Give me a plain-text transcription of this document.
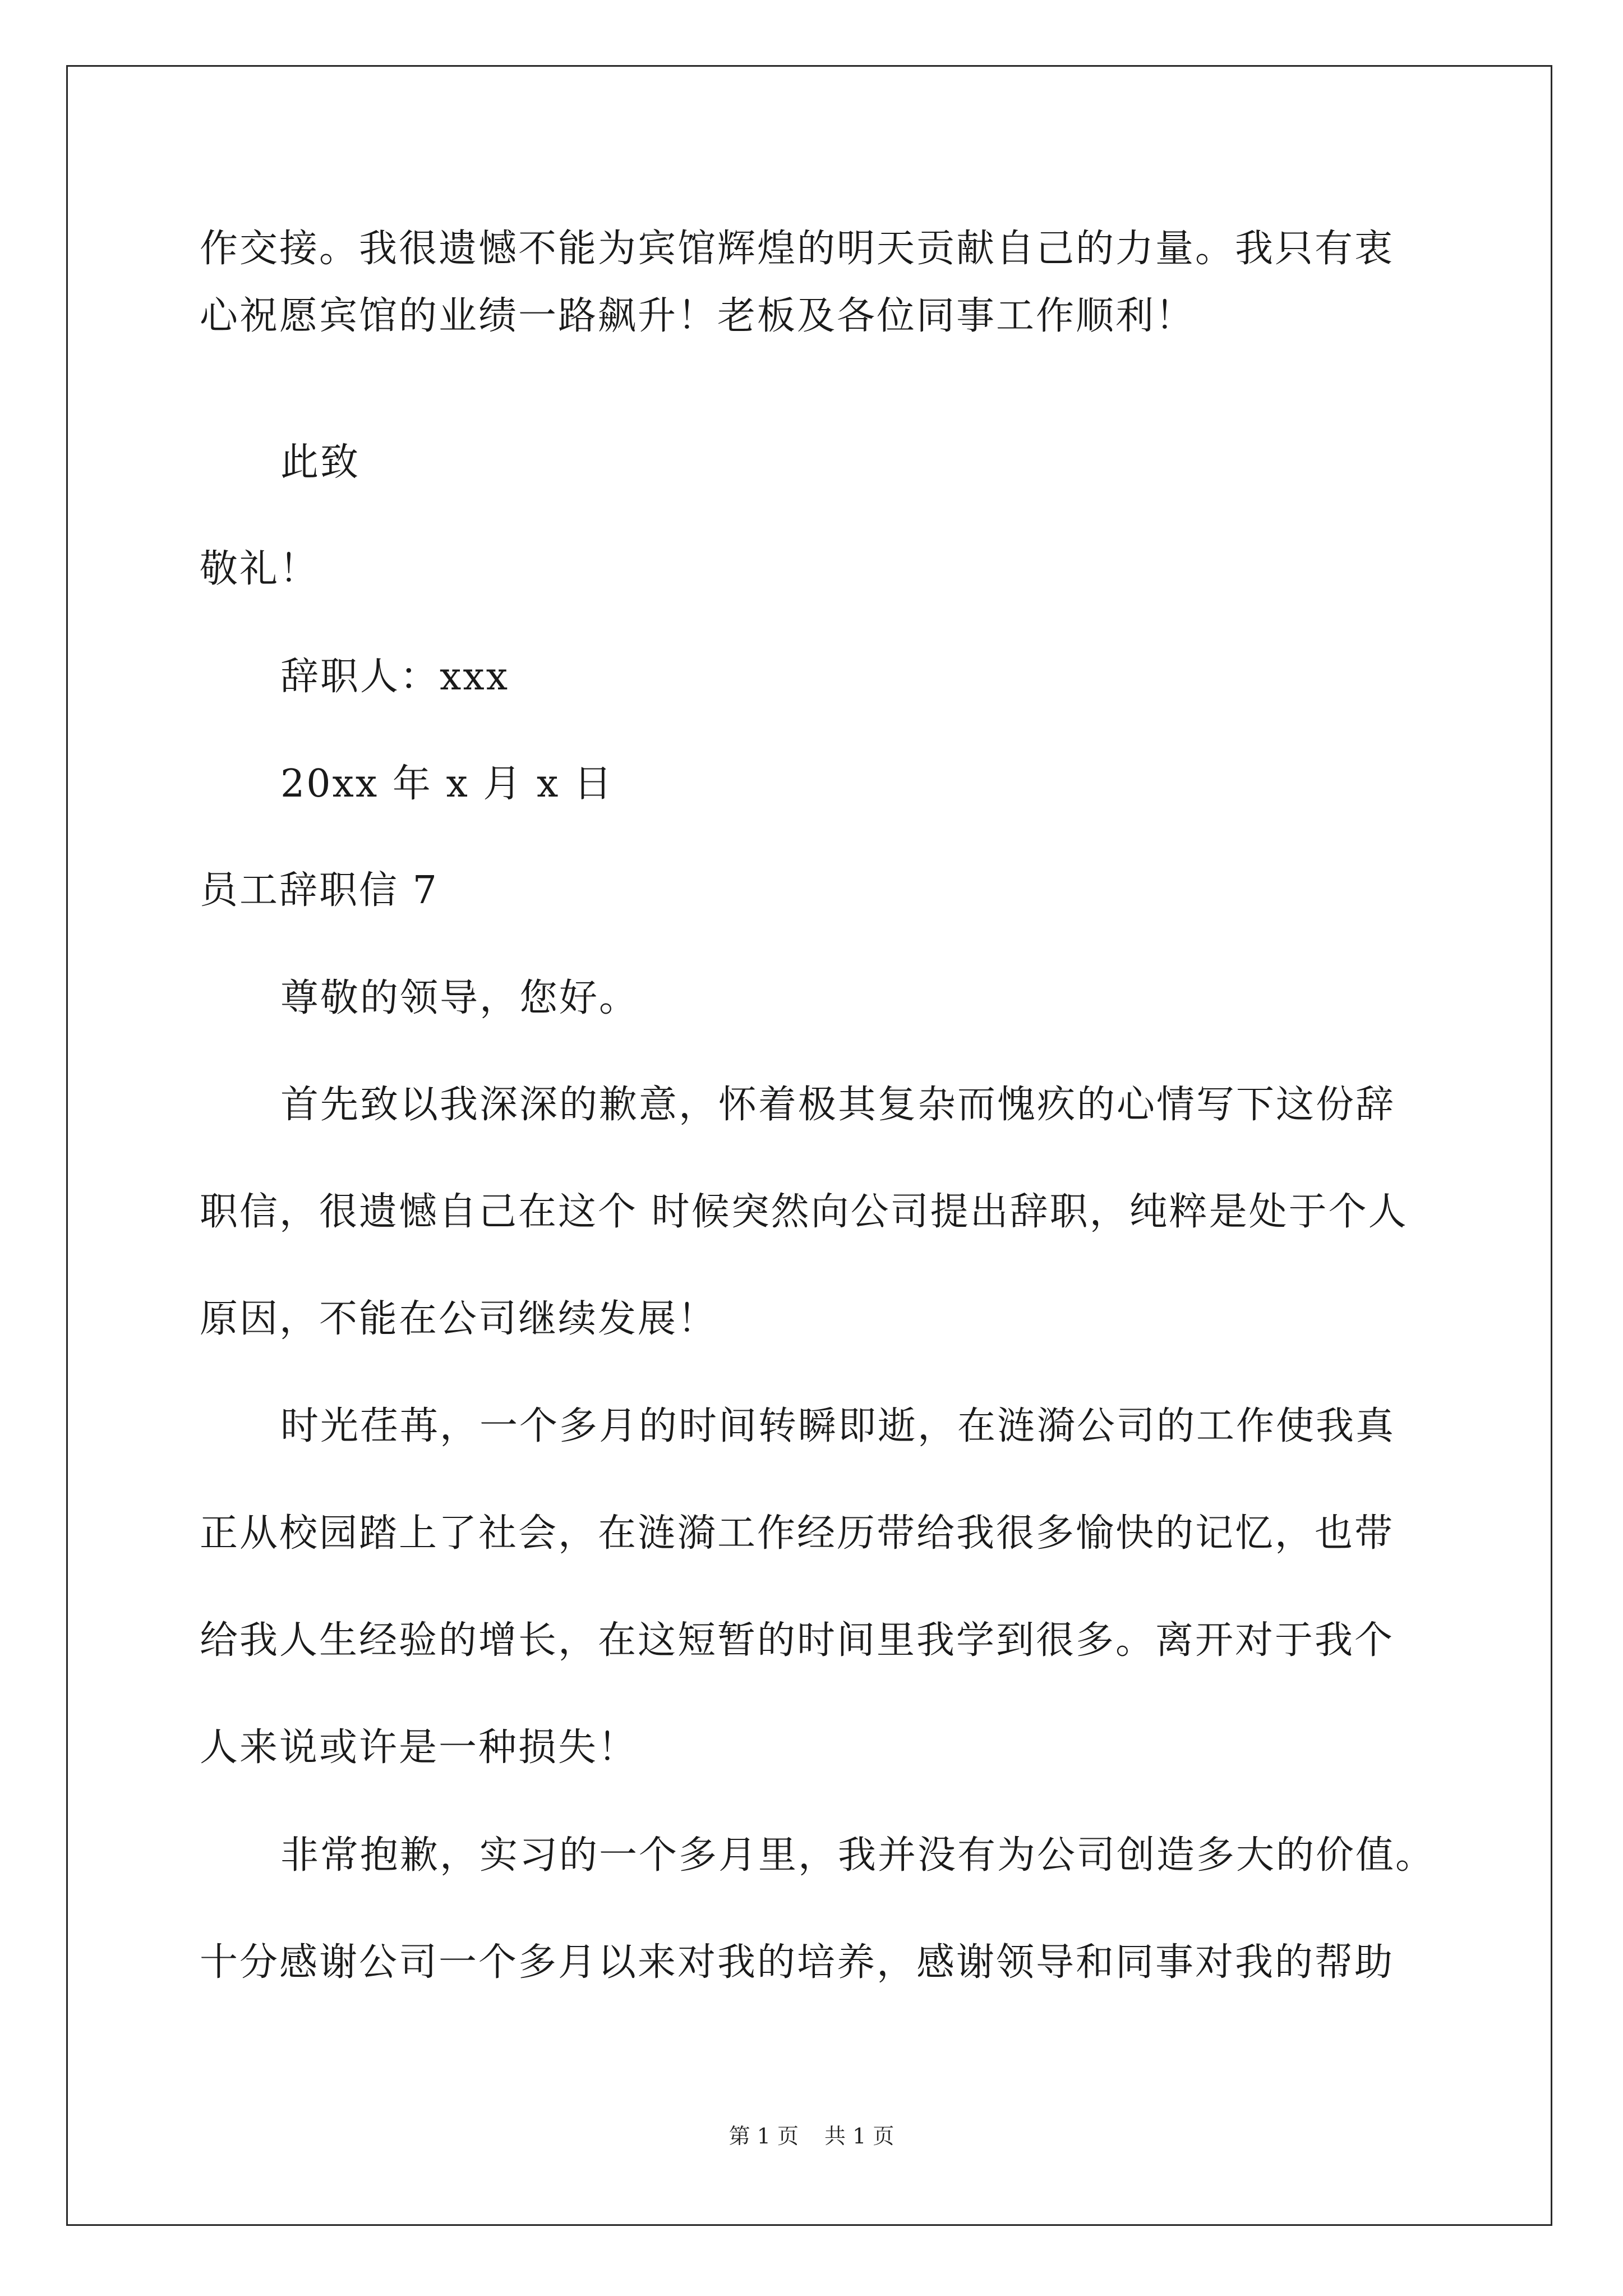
作交接。我很遗憾不能为宾馆辉煌的明天贡献自己的力量。我只有衷
心祝愿宾馆的业绩一路飙升！老板及各位同事工作顺利！
此致
敬礼！
辞职人：xxx
20xx 年 x 月 x 日
员工辞职信 7
尊敬的领导，您好。
首先致以我深深的歉意，怀着极其复杂而愧疚的心情写下这份辞
职信，很遗憾自己在这个 时候突然向公司提出辞职，纯粹是处于个人
原因，不能在公司继续发展！
时光荏苒，一个多月的时间转瞬即逝，在涟漪公司的工作使我真
正从校园踏上了社会，在涟漪工作经历带给我很多愉快的记忆，也带
给我人生经验的增长，在这短暂的时间里我学到很多。离开对于我个
人来说或许是一种损失！
非常抱歉，实习的一个多月里，我并没有为公司创造多大的价值。
十分感谢公司一个多月以来对我的培养，感谢领导和同事对我的帮助
第 1 页 共 1 页
